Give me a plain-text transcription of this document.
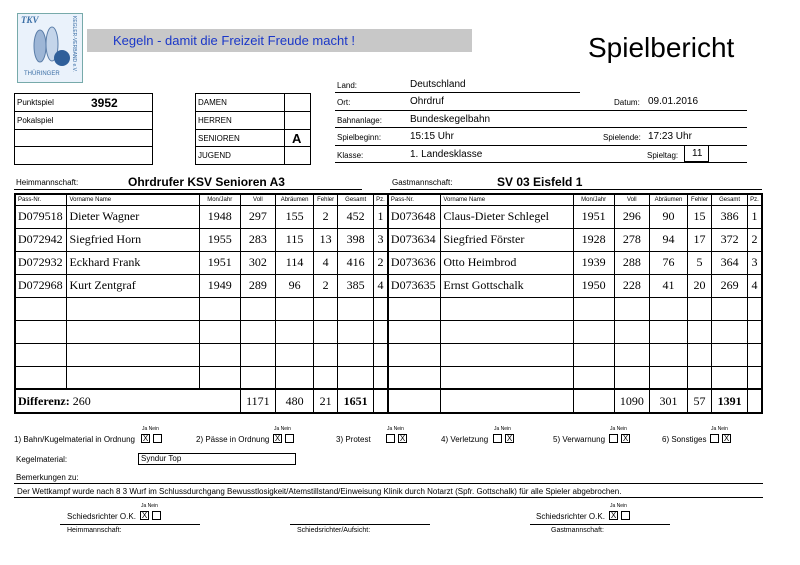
TKV
THÜRINGER
KEGLER-VERBAND e.V.	Kegeln - damit die Freizeit Freude macht !	Spielbericht
Punktspiel	3952
Pokalspiel
DAMEN
HERREN
SENIOREN	A
JUGEND
Land:	Deutschland
Ort:	Ohrdruf	Datum: 09.01.2016
Bahnanlage:	Bundeskegelbahn
Spielbeginn:	15:15 Uhr	Spielende: 17:23 Uhr
Klasse:	1. Landesklasse	Spieltag: 11
Heimmannschaft:	Ohrdrufer KSV Senioren A3	Gastmannschaft:	SV 03 Eisfeld 1
Pass-Nr.	Vorname Name	Mon/Jahr	Voll	Abräumen	Fehler	Gesamt	Pz.	Pass-Nr.	Vorname Name	Mon/Jahr	Voll	Abräumen	Fehler	Gesamt	Pz.
D079518	Dieter Wagner	1948	297	155	2	452	1	D073648	Claus-Dieter Schlegel	1951	296	90	15	386	1
D072942	Siegfried Horn	1955	283	115	13	398	3	D073634	Siegfried Förster	1928	278	94	17	372	2
D072932	Eckhard Frank	1951	302	114	4	416	2	D073636	Otto Heimbrod	1939	288	76	5	364	3
D072968	Kurt Zentgraf	1949	289	96	2	385	4	D073635	Ernst Gottschalk	1950	228	41	20	269	4

Differenz: 260			1171	480	21	1651					1090	301	57	1391	
1) Bahn/Kugelmaterial in Ordnung
Ja Nein
X	2) Pässe in Ordnung
Ja Nein
X	3) Protest
Ja Nein
X	4) Verletzung
Ja Nein
X	5) Verwarnung
Ja Nein
X	6) Sonstiges
Ja Nein
X
Kegelmaterial:	Syndur Top
Bemerkungen zu:
Der Wettkampf wurde nach 8 3 Wurf im Schlussdurchgang Bewusstlosigkeit/Atemstillstand/Einweisung Klinik durch Notarzt (Spfr. Gottschalk) für alle Spieler abgebrochen.
Schiedsrichter O.K.
Ja Nein
X	Schiedsrichter O.K.
Ja Nein
X
Heimmannschaft:	Schiedsrichter/Aufsicht:	Gastmannschaft:
